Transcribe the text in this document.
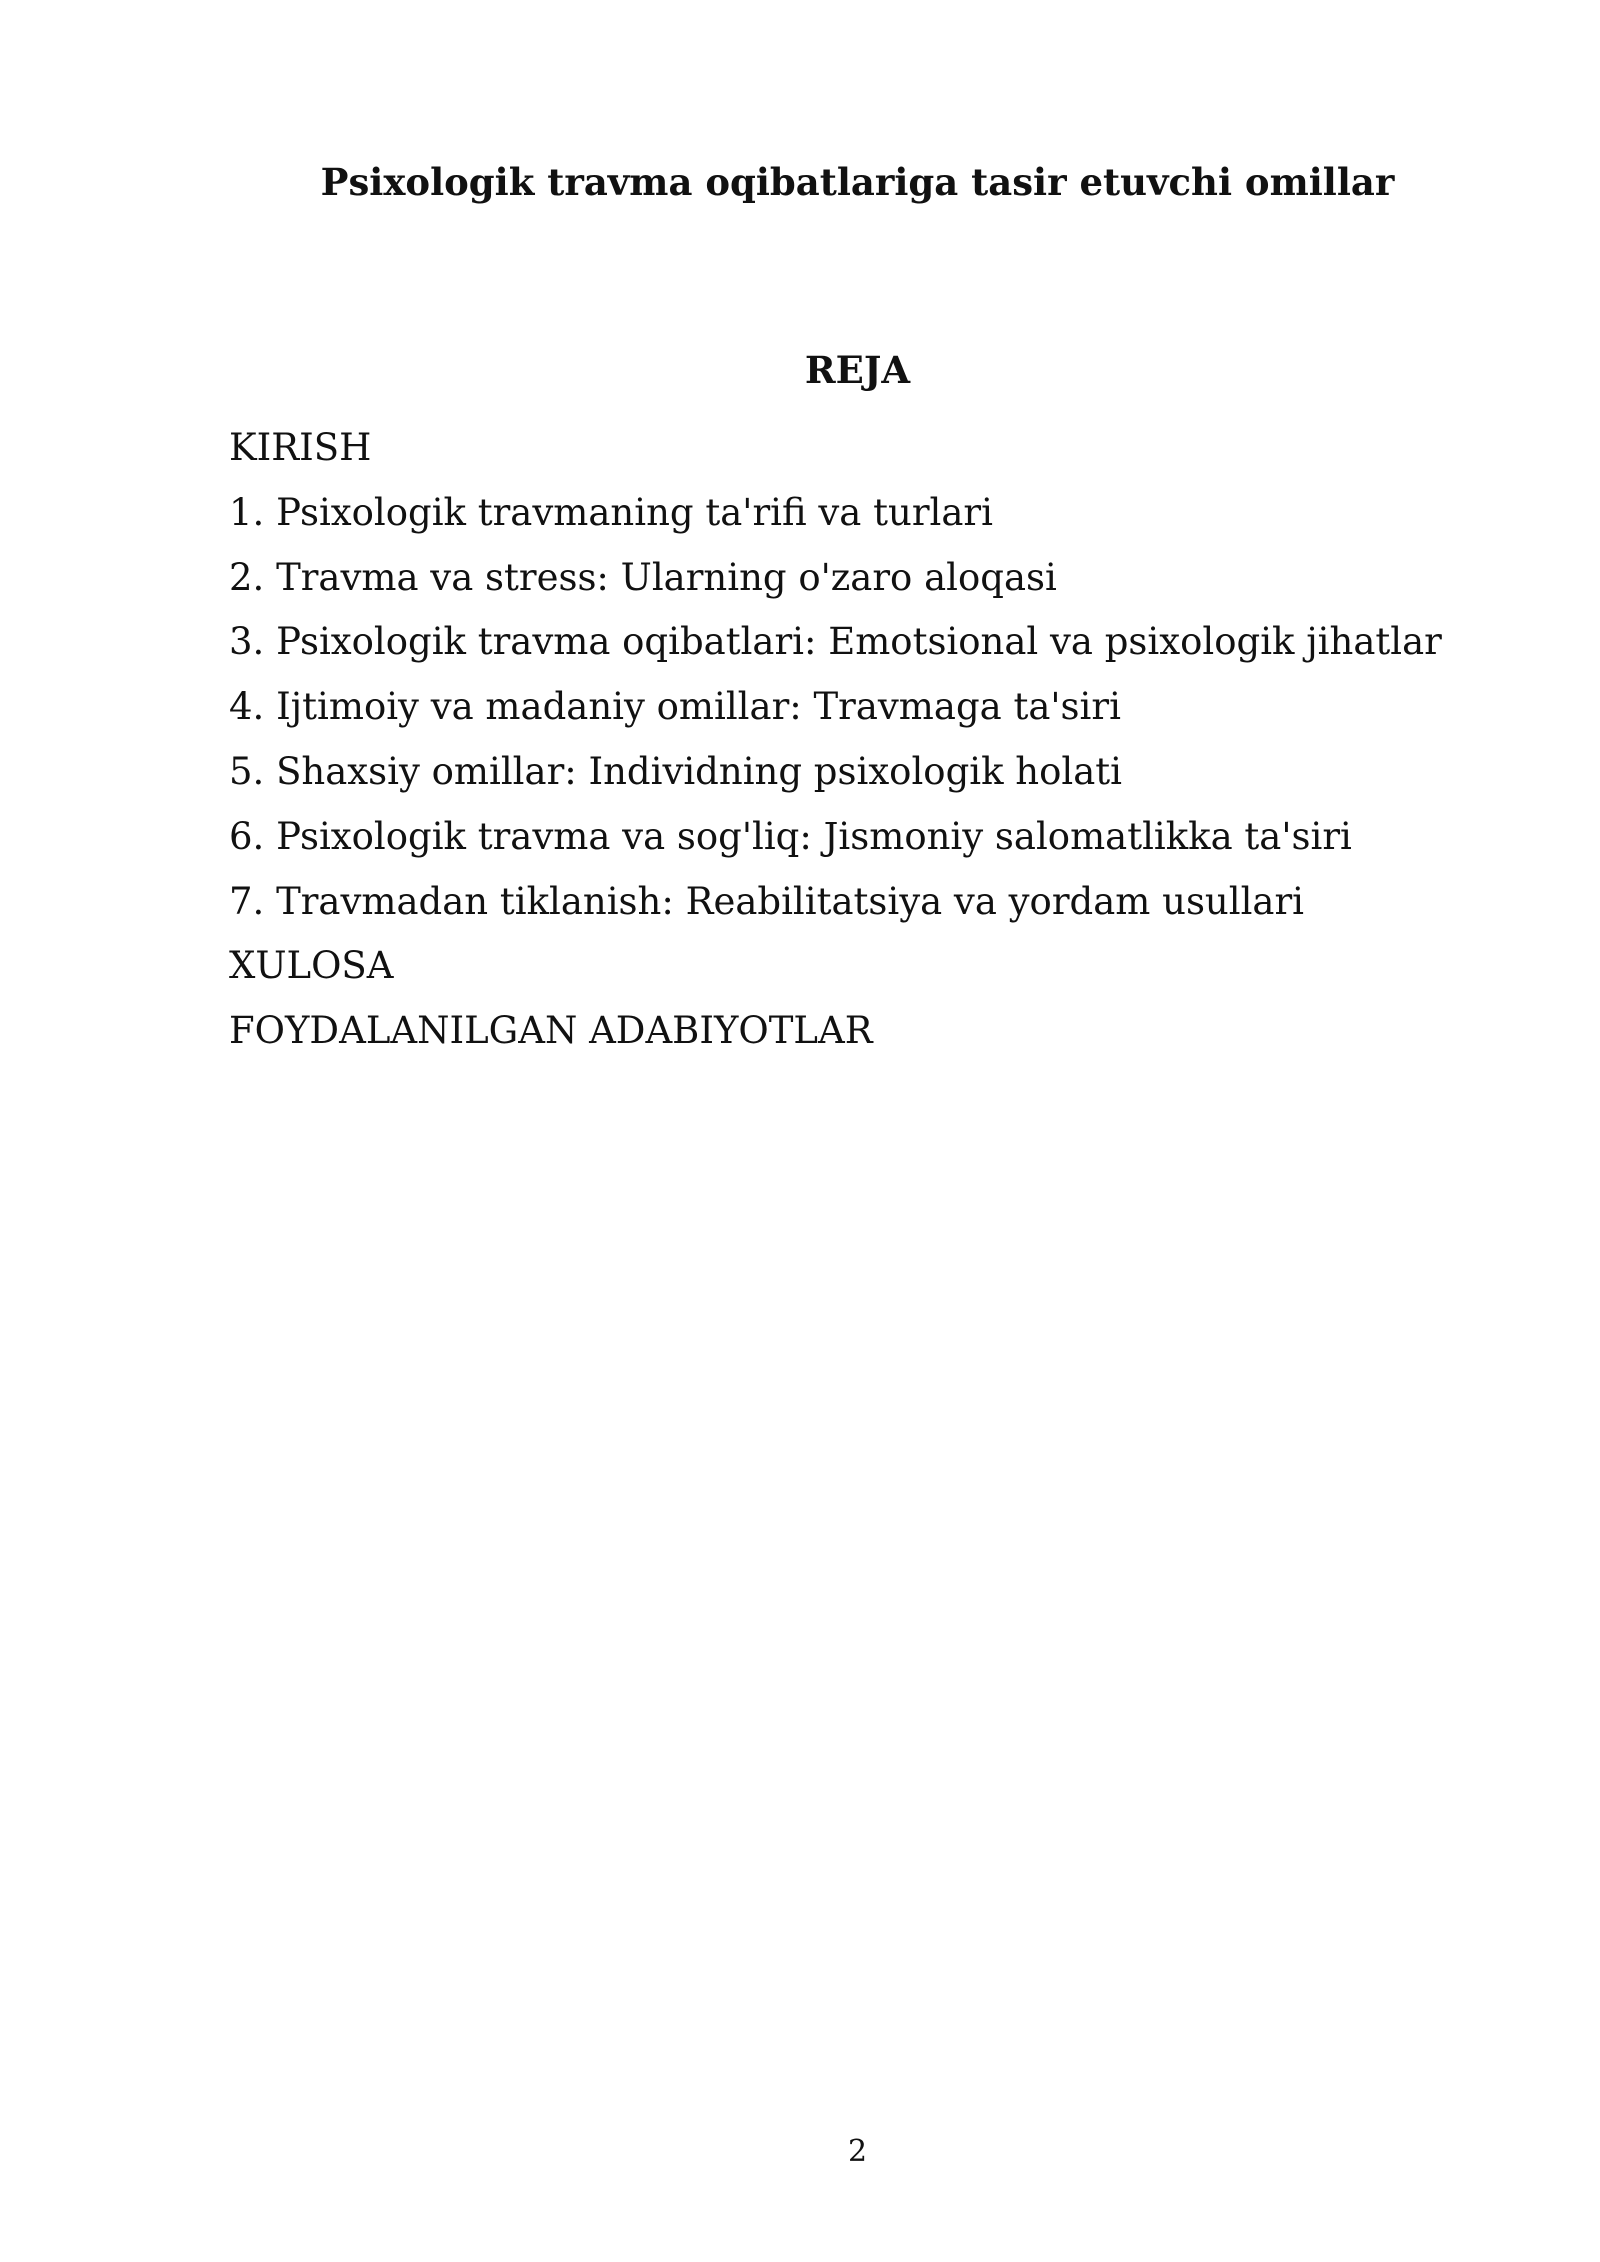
Psixologik travma oqibatlariga tasir etuvchi omillar
REJA
KIRISH
1. Psixologik travmaning ta'rifi va turlari
2. Travma va stress: Ularning o'zaro aloqasi
3. Psixologik travma oqibatlari: Emotsional va psixologik jihatlar
4. Ijtimoiy va madaniy omillar: Travmaga ta'siri
5. Shaxsiy omillar: Individning psixologik holati
6. Psixologik travma va sog'liq: Jismoniy salomatlikka ta'siri
7. Travmadan tiklanish: Reabilitatsiya va yordam usullari
XULOSA
FOYDALANILGAN ADABIYOTLAR
2
